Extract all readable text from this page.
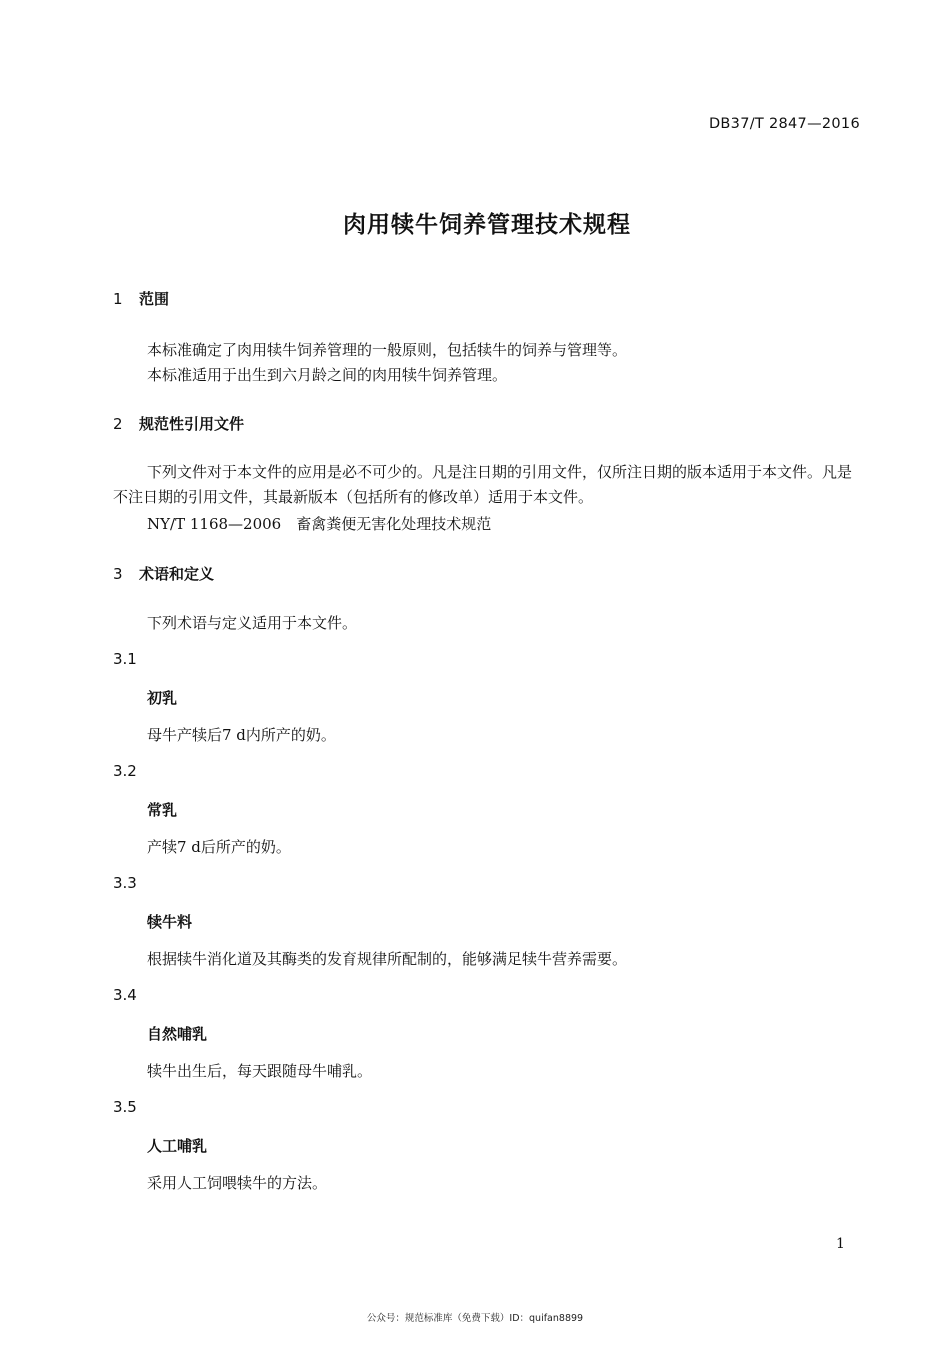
DB37/T 2847—2016
肉用犊牛饲养管理技术规程
1 范围
本标准确定了肉用犊牛饲养管理的一般原则，包括犊牛的饲养与管理等。
本标准适用于出生到六月龄之间的肉用犊牛饲养管理。
2 规范性引用文件
下列文件对于本文件的应用是必不可少的。凡是注日期的引用文件，仅所注日期的版本适用于本文件。凡是不注日期的引用文件，其最新版本（包括所有的修改单）适用于本文件。
NY/T 1168—2006　畜禽粪便无害化处理技术规范
3 术语和定义
下列术语与定义适用于本文件。
3.1
初乳
母牛产犊后7 d内所产的奶。
3.2
常乳
产犊7 d后所产的奶。
3.3
犊牛料
根据犊牛消化道及其酶类的发育规律所配制的，能够满足犊牛营养需要。
3.4
自然哺乳
犊牛出生后，每天跟随母牛哺乳。
3.5
人工哺乳
采用人工饲喂犊牛的方法。
1
公众号：规范标准库（免费下载）ID：quifan8899
